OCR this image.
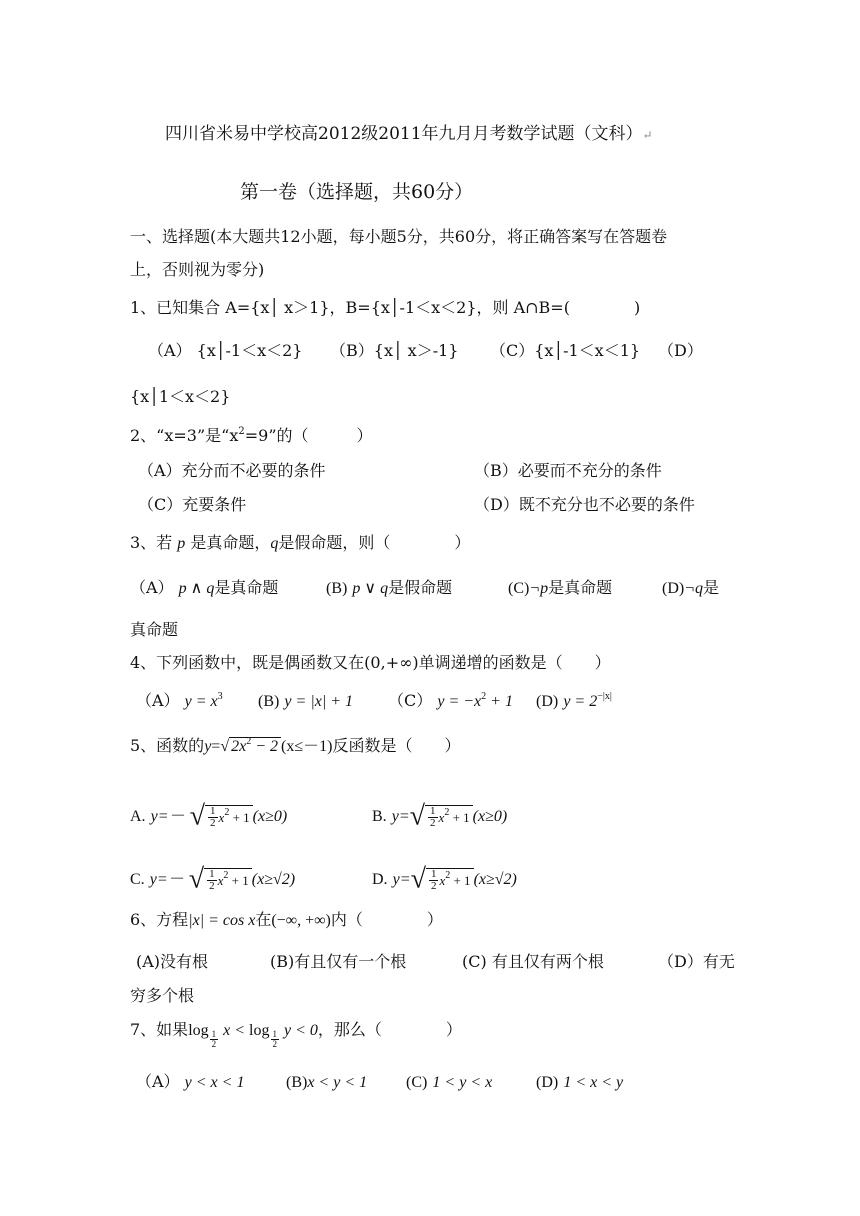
四川省米易中学校高2012级2011年九月月考数学试题（文科）↵
第一卷（选择题，共60分）
一、选择题(本大题共12小题，每小题5分，共60分，将正确答案写在答题卷
上，否则视为零分)
1、已知集合 A={x│ x＞1}，B={x│-1＜x＜2}，则 A∩B=(　　　　)
（A） {x│-1＜x＜2} （B）{x│ x＞-1} （C）{x│-1＜x＜1} （D）
{x│1＜x＜2}
2、“x=3”是“$x^2=9$”的（　　　）
（A）充分而不必要的条件	（B）必要而不充分的条件
（C）充要条件	（D）既不充分也不必要的条件
3、若 p 是真命题，q是假命题，则（　　　　）
（A） p ∧ q是真命题	(B) p ∨ q是假命题	(C)¬p是真命题	(D)¬q是
真命题
4、下列函数中，既是偶函数又在(0,+∞)单调递增的函数是（　　）
（A） $y = x^3$ (B) y = |x| + 1 （C） $y = -x^2 + 1$ (D) $y = 2^{-|x|}$
5、函数的y=√ $2x^2 - 2$ (x≤－1)反函数是（　　）
A. y=－ √ $\frac{1}{2} x^2 + 1$ (x≥0)	B. $y=√ \frac{1}{2} x^2 + 1$ (x≥0)
C. y=－ √ $\frac{1}{2} x^2 + 1$ (x≥√2)	D. $y=√ \frac{1}{2} x^2 + 1$ (x≥√2)
6、方程|x| = cos x在(−∞, +∞)内（　　　　）
(A)没有根	(B)有且仅有一个根	(C) 有且仅有两个根	（D）有无
穷多个根
7、如果$\log \frac{1}{2}$ $x < \log \frac{1}{2}$ y < 0，那么（　　　　）
（A） y < x < 1	(B)x < y < 1 (C) 1 < y < x	(D) 1 < x < y
